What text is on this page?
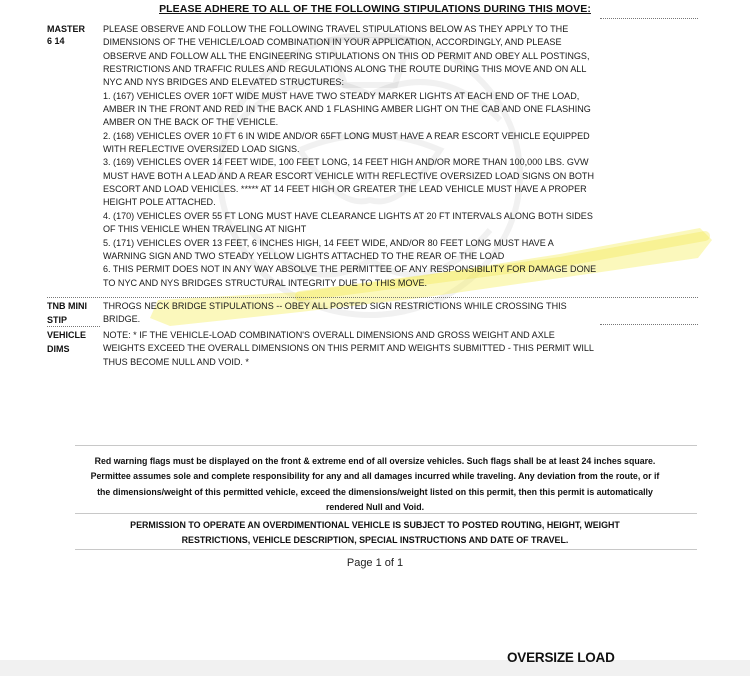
PLEASE ADHERE TO ALL OF THE FOLLOWING STIPULATIONS DURING THIS MOVE:
MASTER
6 14
PLEASE OBSERVE AND FOLLOW THE FOLLOWING TRAVEL STIPULATIONS BELOW AS THEY APPLY TO THE
DIMENSIONS OF THE VEHICLE/LOAD COMBINATION IN YOUR APPLICATION, ACCORDINGLY, AND PLEASE
OBSERVE AND FOLLOW ALL THE ENGINEERING STIPULATIONS ON THIS OD PERMIT AND OBEY ALL POSTINGS,
RESTRICTIONS AND TRAFFIC RULES AND REGULATIONS ALONG THE ROUTE DURING THIS MOVE AND ON ALL
NYC AND NYS BRIDGES AND ELEVATED STRUCTURES:
1. (167) VEHICLES OVER 10FT WIDE MUST HAVE TWO STEADY MARKER LIGHTS AT EACH END OF THE LOAD,
AMBER IN THE FRONT AND RED IN THE BACK AND 1 FLASHING AMBER LIGHT ON THE CAB AND ONE FLASHING
AMBER ON THE BACK OF THE VEHICLE.
2. (168) VEHICLES OVER 10 FT 6 IN WIDE AND/OR 65FT LONG MUST HAVE A REAR ESCORT VEHICLE EQUIPPED
WITH REFLECTIVE OVERSIZED LOAD SIGNS.
3. (169) VEHICLES OVER 14 FEET WIDE, 100 FEET LONG, 14 FEET HIGH AND/OR MORE THAN 100,000 LBS. GVW
MUST HAVE BOTH A LEAD AND A REAR ESCORT VEHICLE WITH REFLECTIVE OVERSIZED LOAD SIGNS ON BOTH
ESCORT AND LOAD VEHICLES. ***** AT 14 FEET HIGH OR GREATER THE LEAD VEHICLE MUST HAVE A PROPER
HEIGHT POLE ATTACHED.
4. (170) VEHICLES OVER 55 FT LONG MUST HAVE CLEARANCE LIGHTS AT 20 FT INTERVALS ALONG BOTH SIDES
OF THIS VEHICLE WHEN TRAVELING AT NIGHT
5. (171) VEHICLES OVER 13 FEET, 6 INCHES HIGH, 14 FEET WIDE, AND/OR 80 FEET LONG MUST HAVE A
WARNING SIGN AND TWO STEADY YELLOW LIGHTS ATTACHED TO THE REAR OF THE LOAD
6. THIS PERMIT DOES NOT IN ANY WAY ABSOLVE THE PERMITTEE OF ANY RESPONSIBILITY FOR DAMAGE DONE
TO NYC AND NYS BRIDGES STRUCTURAL INTEGRITY DUE TO THIS MOVE.
TNB MINI
STIP
THROGS NECK BRIDGE STIPULATIONS -- OBEY ALL POSTED SIGN RESTRICTIONS WHILE CROSSING THIS
BRIDGE.
VEHICLE
DIMS
NOTE: * IF THE VEHICLE-LOAD COMBINATION'S OVERALL DIMENSIONS AND GROSS WEIGHT AND AXLE
WEIGHTS EXCEED THE OVERALL DIMENSIONS ON THIS PERMIT AND WEIGHTS SUBMITTED - THIS PERMIT WILL
THUS BECOME NULL AND VOID. *
Red warning flags must be displayed on the front & extreme end of all oversize vehicles. Such flags shall be at least 24 inches square. Permittee assumes sole and complete responsibility for any and all damages incurred while traveling. Any deviation from the route, or if the dimensions/weight of this permitted vehicle, exceed the dimensions/weight listed on this permit, then this permit is automatically rendered Null and Void.
PERMISSION TO OPERATE AN OVERDIMENTIONAL VEHICLE IS SUBJECT TO POSTED ROUTING, HEIGHT, WEIGHT RESTRICTIONS, VEHICLE DESCRIPTION, SPECIAL INSTRUCTIONS AND DATE OF TRAVEL.
Page 1 of 1
OVERSIZE LOAD
